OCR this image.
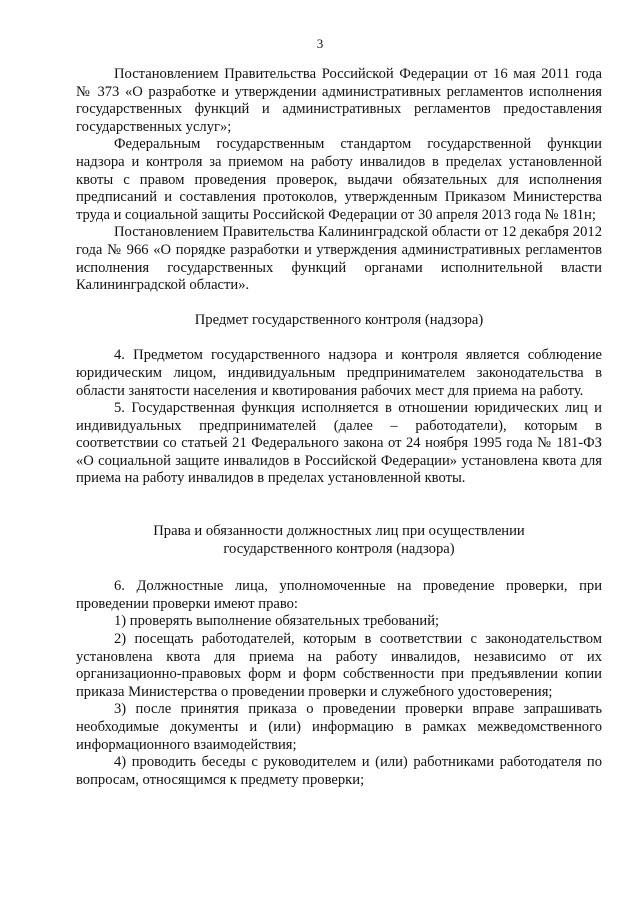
3

Постановлением Правительства Российской Федерации от 16 мая 2011 года № 373 «О разработке и утверждении административных регламентов исполнения государственных функций и административных регламентов предоставления государственных услуг»;

Федеральным государственным стандартом государственной функции надзора и контроля за приемом на работу инвалидов в пределах установленной квоты с правом проведения проверок, выдачи обязательных для исполнения предписаний и составления протоколов, утвержденным Приказом Министерства труда и социальной защиты Российской Федерации от 30 апреля 2013 года № 181н;

Постановлением Правительства Калининградской области от 12 декабря 2012 года № 966 «О порядке разработки и утверждения административных регламентов исполнения государственных функций органами исполнительной власти Калининградской области».

Предмет государственного контроля (надзора)

4. Предметом государственного надзора и контроля является соблюдение юридическим лицом, индивидуальным предпринимателем законодательства в области занятости населения и квотирования рабочих мест для приема на работу.

5. Государственная функция исполняется в отношении юридических лиц и индивидуальных предпринимателей (далее – работодатели), которым в соответствии со статьей 21 Федерального закона от 24 ноября 1995 года № 181-ФЗ «О социальной защите инвалидов в Российской Федерации» установлена квота для приема на работу инвалидов в пределах установленной квоты.

Права и обязанности должностных лиц при осуществлении

государственного контроля (надзора)

6. Должностные лица, уполномоченные на проведение проверки, при проведении проверки имеют право:

1) проверять выполнение обязательных требований;

2) посещать работодателей, которым в соответствии с законодательством установлена квота для приема на работу инвалидов, независимо от их организационно-правовых форм и форм собственности при предъявлении копии приказа Министерства о проведении проверки и служебного удостоверения;

3) после принятия приказа о проведении проверки вправе запрашивать необходимые документы и (или) информацию в рамках межведомственного информационного взаимодействия;

4) проводить беседы с руководителем и (или) работниками работодателя по вопросам, относящимся к предмету проверки;
